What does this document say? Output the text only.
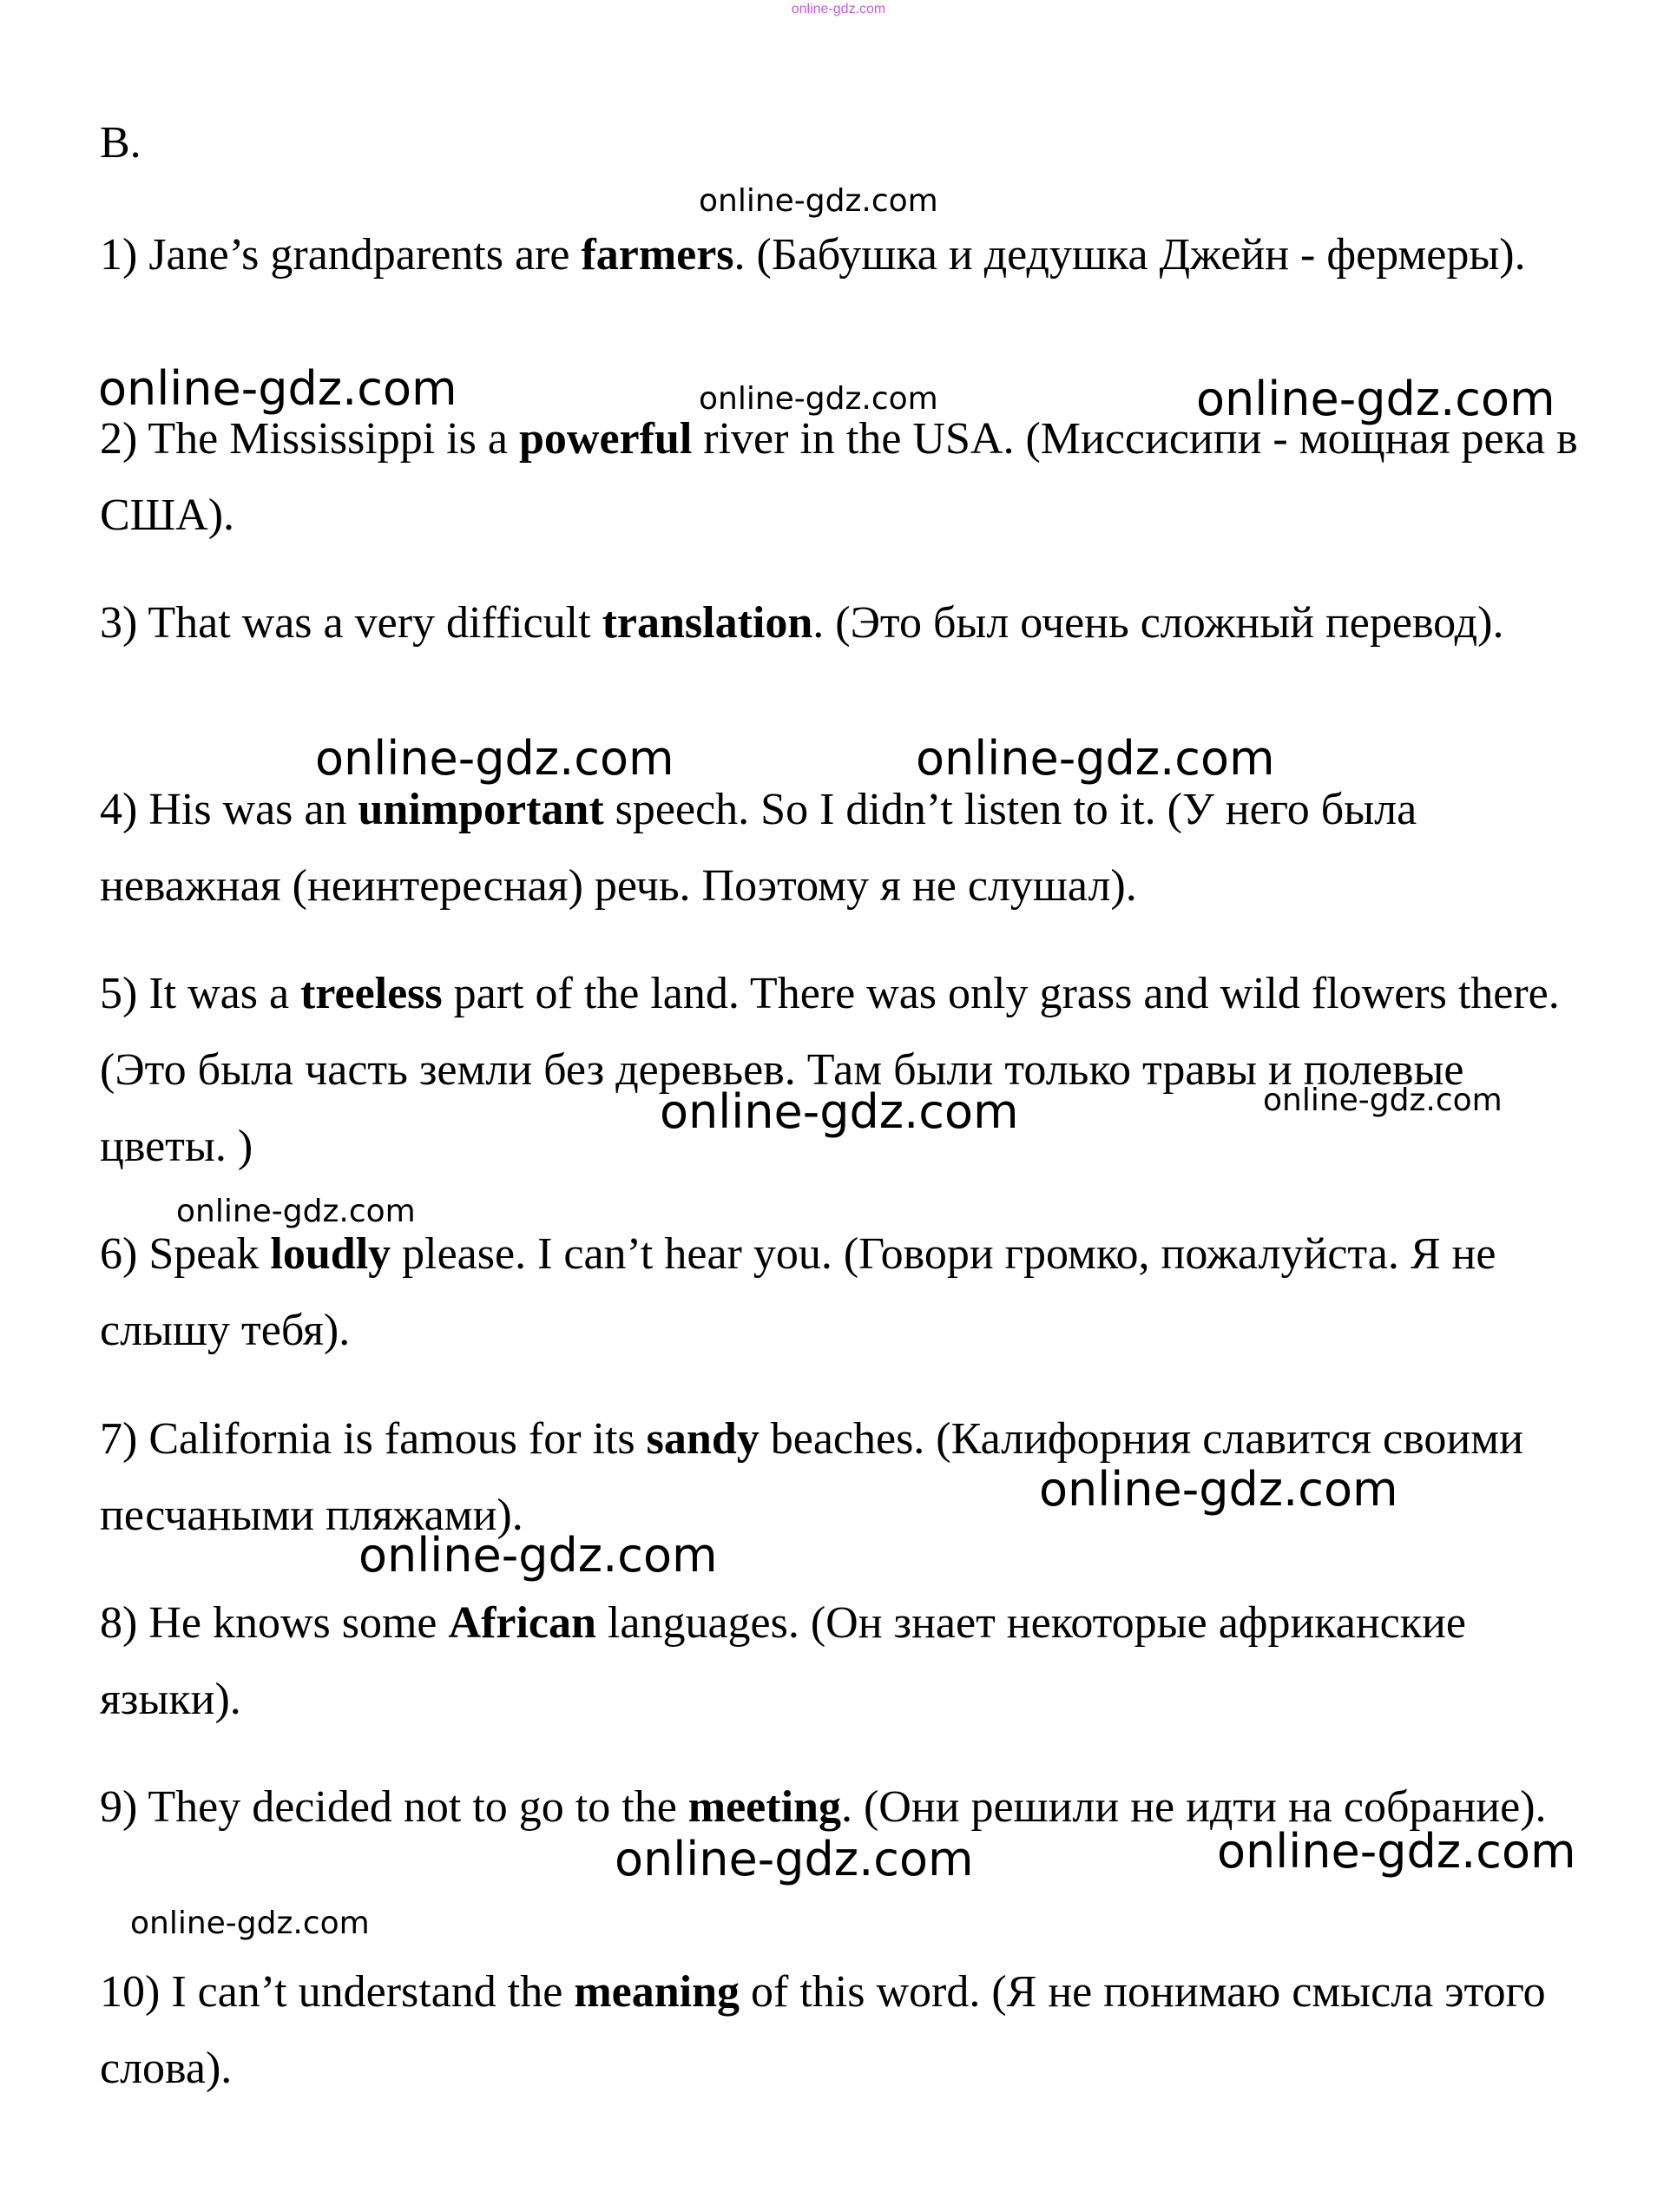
online-gdz.com
B.
1) Jane’s grandparents are farmers. (Бабушка и дедушка Джейн - фермеры).
2) The Mississippi is a powerful river in the USA. (Миссисипи - мощная река в США).
3) That was a very difficult translation. (Это был очень сложный перевод).
4) His was an unimportant speech. So I didn’t listen to it. (У него была неважная (неинтересная) речь. Поэтому я не слушал).
5) It was a treeless part of the land. There was only grass and wild flowers there. (Это была часть земли без деревьев. Там были только травы и полевые цветы. )
6) Speak loudly please. I can’t hear you. (Говори громко, пожалуйста. Я не слышу тебя).
7) California is famous for its sandy beaches. (Калифорния славится своими песчаными пляжами).
8) He knows some African languages. (Он знает некоторые африканские языки).
9) They decided not to go to the meeting. (Они решили не идти на собрание).
10) I can’t understand the meaning of this word. (Я не понимаю смысла этого слова).
online-gdz.com
online-gdz.com	online-gdz.com	online-gdz.com
online-gdz.com	online-gdz.com
online-gdz.com	online-gdz.com
online-gdz.com
online-gdz.com
online-gdz.com
online-gdz.com	online-gdz.com
online-gdz.com
